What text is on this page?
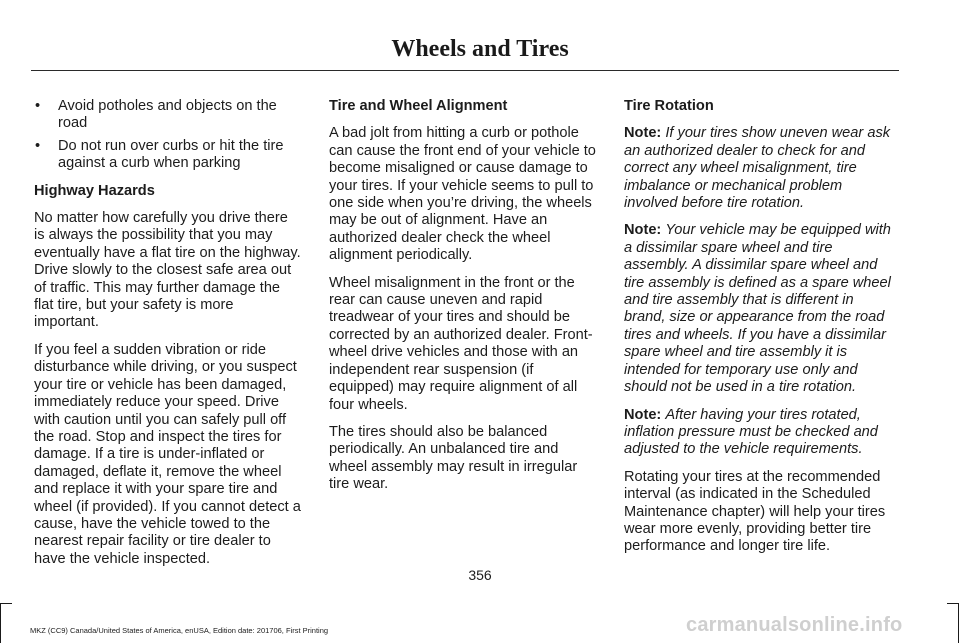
Wheels and Tires
• Avoid potholes and objects on the road
• Do not run over curbs or hit the tire against a curb when parking
Highway Hazards

No matter how carefully you drive there is always the possibility that you may eventually have a flat tire on the highway. Drive slowly to the closest safe area out of traffic. This may further damage the flat tire, but your safety is more important.

If you feel a sudden vibration or ride disturbance while driving, or you suspect your tire or vehicle has been damaged, immediately reduce your speed. Drive with caution until you can safely pull off the road. Stop and inspect the tires for damage. If a tire is under-inflated or damaged, deflate it, remove the wheel and replace it with your spare tire and wheel (if provided). If you cannot detect a cause, have the vehicle towed to the nearest repair facility or tire dealer to have the vehicle inspected.

Tire and Wheel Alignment

A bad jolt from hitting a curb or pothole can cause the front end of your vehicle to become misaligned or cause damage to your tires. If your vehicle seems to pull to one side when you’re driving, the wheels may be out of alignment. Have an authorized dealer check the wheel alignment periodically.

Wheel misalignment in the front or the rear can cause uneven and rapid treadwear of your tires and should be corrected by an authorized dealer. Front-wheel drive vehicles and those with an independent rear suspension (if equipped) may require alignment of all four wheels.

The tires should also be balanced periodically. An unbalanced tire and wheel assembly may result in irregular tire wear.

Tire Rotation

Note: If your tires show uneven wear ask an authorized dealer to check for and correct any wheel misalignment, tire imbalance or mechanical problem involved before tire rotation.

Note: Your vehicle may be equipped with a dissimilar spare wheel and tire assembly. A dissimilar spare wheel and tire assembly is defined as a spare wheel and tire assembly that is different in brand, size or appearance from the road tires and wheels. If you have a dissimilar spare wheel and tire assembly it is intended for temporary use only and should not be used in a tire rotation.

Note: After having your tires rotated, inflation pressure must be checked and adjusted to the vehicle requirements.

Rotating your tires at the recommended interval (as indicated in the Scheduled Maintenance chapter) will help your tires wear more evenly, providing better tire performance and longer tire life.

356
MKZ (CC9) Canada/United States of America, enUSA, Edition date: 201706, First Printing	carmanualsonline.info
